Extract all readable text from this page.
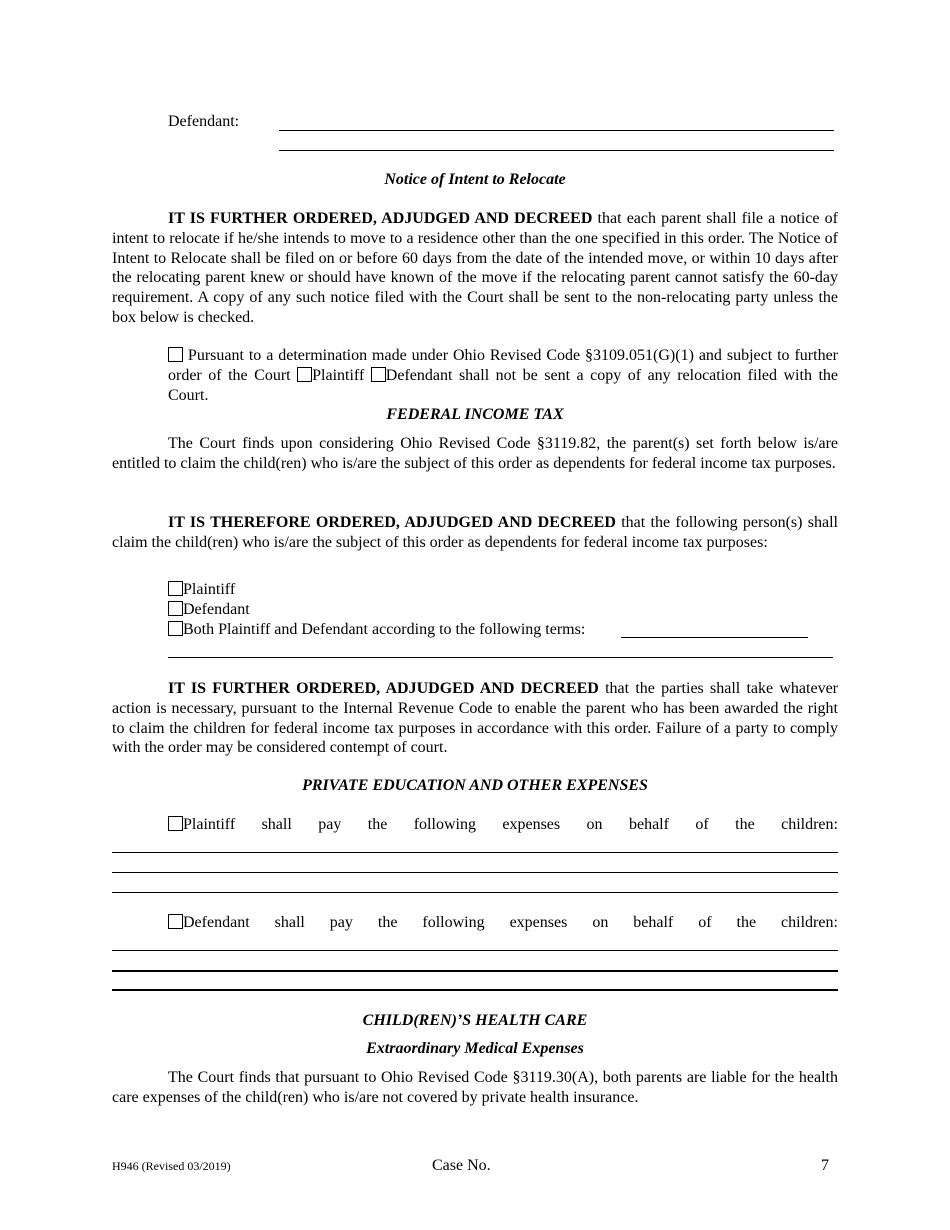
Defendant:

Notice of Intent to Relocate

IT IS FURTHER ORDERED, ADJUDGED AND DECREED that each parent shall file a notice of intent to relocate if he/she intends to move to a residence other than the one specified in this order. The Notice of Intent to Relocate shall be filed on or before 60 days from the date of the intended move, or within 10 days after the relocating parent knew or should have known of the move if the relocating parent cannot satisfy the 60-day requirement. A copy of any such notice filed with the Court shall be sent to the non-relocating party unless the box below is checked.

Pursuant to a determination made under Ohio Revised Code §3109.051(G)(1) and subject to further order of the Court Plaintiff Defendant shall not be sent a copy of any relocation filed with the Court.

FEDERAL INCOME TAX

The Court finds upon considering Ohio Revised Code §3119.82, the parent(s) set forth below is/are entitled to claim the child(ren) who is/are the subject of this order as dependents for federal income tax purposes.

IT IS THEREFORE ORDERED, ADJUDGED AND DECREED that the following person(s) shall claim the child(ren) who is/are the subject of this order as dependents for federal income tax purposes:

Plaintiff
Defendant
Both Plaintiff and Defendant according to the following terms:

IT IS FURTHER ORDERED, ADJUDGED AND DECREED that the parties shall take whatever action is necessary, pursuant to the Internal Revenue Code to enable the parent who has been awarded the right to claim the children for federal income tax purposes in accordance with this order. Failure of a party to comply with the order may be considered contempt of court.

PRIVATE EDUCATION AND OTHER EXPENSES

Plaintiff shall pay the following expenses on behalf of the children:
Defendant shall pay the following expenses on behalf of the children:

CHILD(REN)’S HEALTH CARE

Extraordinary Medical Expenses

The Court finds that pursuant to Ohio Revised Code §3119.30(A), both parents are liable for the health care expenses of the child(ren) who is/are not covered by private health insurance.

H946 (Revised 03/2019)	Case No.	7
